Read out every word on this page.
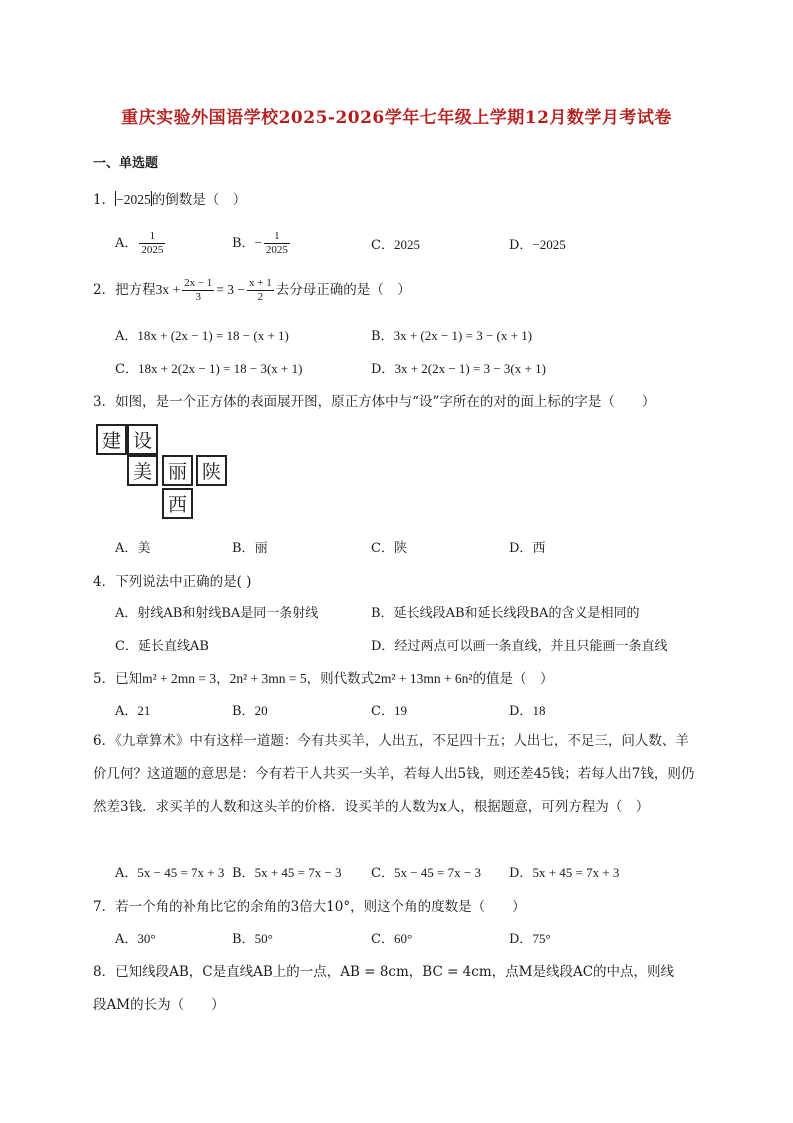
重庆实验外国语学校2025-2026学年七年级上学期12月数学月考试卷
一、单选题
1．−2025的倒数是（　）
A． $\frac{1}{2025}$	B．− $\frac{1}{2025}$	C．2025	D．−2025
2．把方程$3x + \frac{2x - 1}{3} = 3 - \frac{x + 1}{2}$ 去分母正确的是（　）
A．18x + (2x − 1) = 18 − (x + 1)	B．3x + (2x − 1) = 3 − (x + 1)
C．18x + 2(2x − 1) = 18 − 3(x + 1)	D．3x + 2(2x − 1) = 3 − 3(x + 1)
3．如图，是一个正方体的表面展开图，原正方体中与“设”字所在的对的面上标的字是（　　）
建 设
美 丽 陕
西
A．美	B．丽	C．陕	D．西
4．下列说法中正确的是( )
A．射线AB和射线BA是同一条射线	B．延长线段AB和延长线段BA的含义是相同的
C．延长直线AB	D．经过两点可以画一条直线，并且只能画一条直线
5．已知m² + 2mn = 3，2n² + 3mn = 5，则代数式2m² + 13mn + 6n²的值是（　）
A．21	B．20	C．19	D．18
6．《九章算术》中有这样一道题：今有共买羊，人出五，不足四十五；人出七，不足三，问人数、羊价几何？这道题的意思是：今有若干人共买一头羊，若每人出5钱，则还差45钱；若每人出7钱，则仍然差3钱．求买羊的人数和这头羊的价格．设买羊的人数为x人，根据题意，可列方程为（　）
A．5x − 45 = 7x + 3 B．5x + 45 = 7x − 3 C．5x − 45 = 7x − 3 D．5x + 45 = 7x + 3
7．若一个角的补角比它的余角的3倍大10°，则这个角的度数是（　　）
A．30°	B．50°	C．60°	D．75°
8．已知线段AB，C是直线AB上的一点，AB = 8cm，BC = 4cm，点M是线段AC的中点，则线
段AM的长为（　　）
